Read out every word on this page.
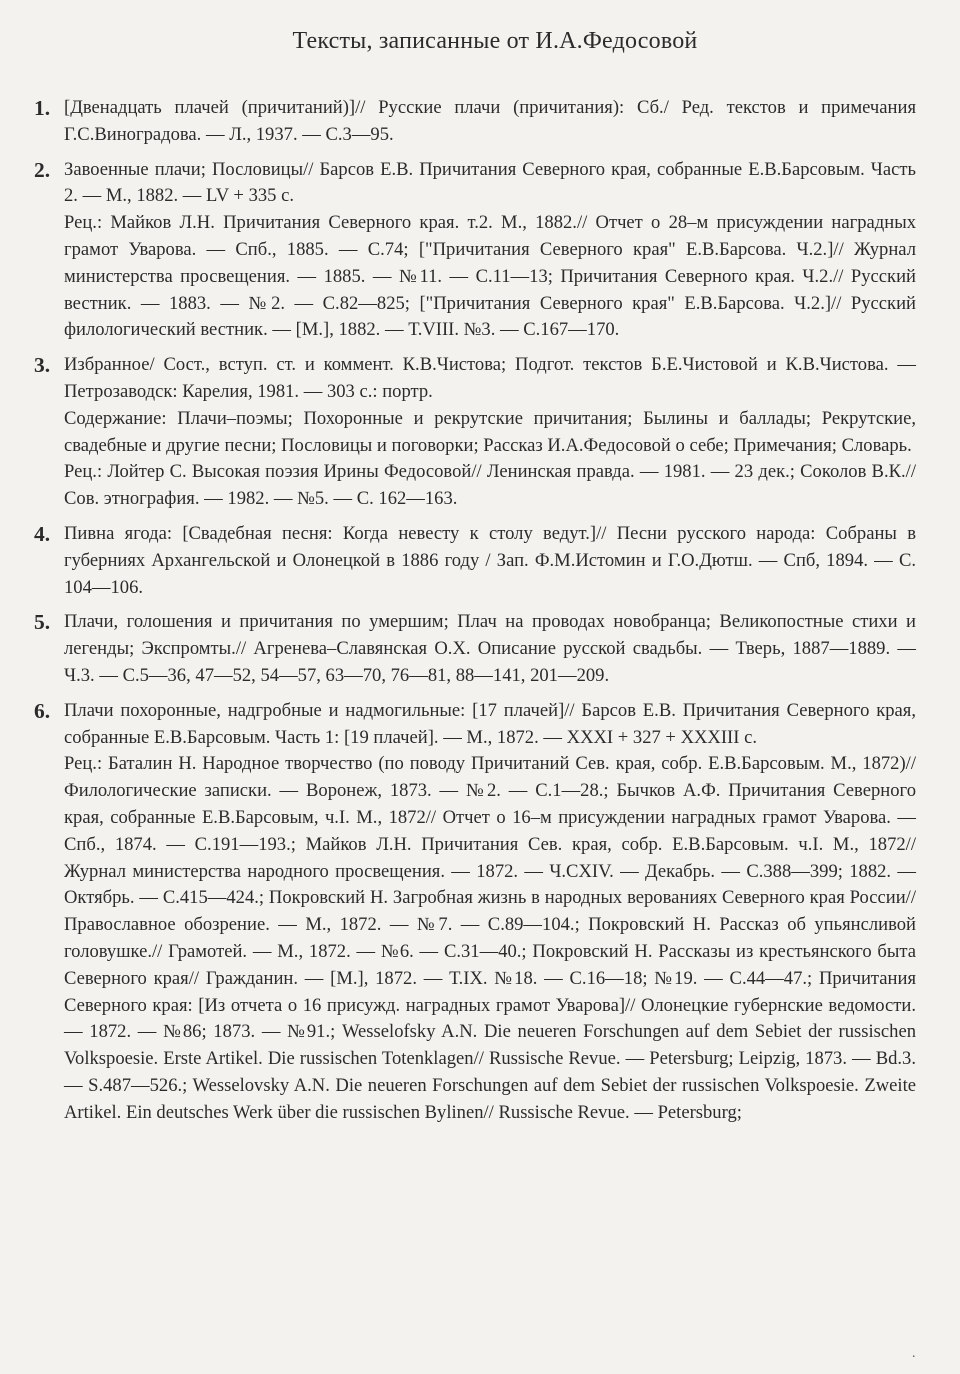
Тексты, записанные от И.А.Федосовой
1. [Двенадцать плачей (причитаний)]// Русские плачи (причитания): Сб./ Ред. текстов и примечания Г.С.Виноградова. — Л., 1937. — С.3—95.

2. Завоенные плачи; Пословицы// Барсов Е.В. Причитания Северного края, собранные Е.В.Барсовым. Часть 2. — М., 1882. — LV + 335 с.

Рец.: Майков Л.Н. Причитания Северного края. т.2. М., 1882.// Отчет о 28–м присуждении наградных грамот Уварова. — Спб., 1885. — С.74; ["Причитания Северного края" Е.В.Барсова. Ч.2.]// Журнал министерства просвещения. — 1885. — №11. — С.11—13; Причитания Северного края. Ч.2.// Русский вестник. — 1883. — №2. — С.82—825; ["Причитания Северного края" Е.В.Барсова. Ч.2.]// Русский филологический вестник. — [М.], 1882. — Т.VIII. №3. — С.167—170.

3. Избранное/ Сост., вступ. ст. и коммент. К.В.Чистова; Подгот. текстов Б.Е.Чистовой и К.В.Чистова. — Петрозаводск: Карелия, 1981. — 303 с.: портр.

Содержание: Плачи–поэмы; Похоронные и рекрутские причитания; Былины и баллады; Рекрутские, свадебные и другие песни; Пословицы и поговорки; Рассказ И.А.Федосовой о себе; Примечания; Словарь.

Рец.: Лойтер С. Высокая поэзия Ирины Федосовой// Ленинская правда. — 1981. — 23 дек.; Соколов В.К.// Сов. этнография. — 1982. — №5. — С. 162—163.

4. Пивна ягода: [Свадебная песня: Когда невесту к столу ведут.]// Песни русского народа: Собраны в губерниях Архангельской и Олонецкой в 1886 году / Зап. Ф.М.Истомин и Г.О.Дютш. — Спб, 1894. — С. 104—106.

5. Плачи, голошения и причитания по умершим; Плач на проводах новобранца; Великопостные стихи и легенды; Экспромты.// Агренева–Славянская О.Х. Описание русской свадьбы. — Тверь, 1887—1889. — Ч.3. — С.5—36, 47—52, 54—57, 63—70, 76—81, 88—141, 201—209.

6. Плачи похоронные, надгробные и надмогильные: [17 плачей]// Барсов Е.В. Причитания Северного края, собранные Е.В.Барсовым. Часть 1: [19 плачей]. — М., 1872. — XXXI + 327 + XXXIII с.

Рец.: Баталин Н. Народное творчество (по поводу Причитаний Сев. края, собр. Е.В.Барсовым. М., 1872)// Филологические записки. — Воронеж, 1873. — №2. — С.1—28.; Бычков А.Ф. Причитания Северного края, собранные Е.В.Барсовым, ч.I. М., 1872// Отчет о 16–м присуждении наградных грамот Уварова. — Спб., 1874. — С.191—193.; Майков Л.Н. Причитания Сев. края, собр. Е.В.Барсовым. ч.I. М., 1872// Журнал министерства народного просвещения. — 1872. — Ч.CXIV. — Декабрь. — С.388—399; 1882. — Октябрь. — С.415—424.; Покровский Н. Загробная жизнь в народных верованиях Северного края России// Православное обозрение. — М., 1872. — №7. — С.89—104.; Покровский Н. Рассказ об упьянсливой головушке.// Грамотей. — М., 1872. — №6. — С.31—40.; Покровский Н. Рассказы из крестьянского быта Северного края// Гражданин. — [М.], 1872. — Т.IX. №18. — С.16—18; №19. — С.44—47.; Причитания Северного края: [Из отчета о 16 присужд. наградных грамот Уварова]// Олонецкие губернские ведомости. — 1872. — №86; 1873. — №91.; Wesselofsky A.N. Die neueren Forschungen auf dem Sebiet der russischen Volkspoesie. Erste Artikel. Die russischen Totenklagen// Russische Revue. — Petersburg; Leipzig, 1873. — Bd.3. — S.487—526.; Wesselovsky A.N. Die neueren Forschungen auf dem Sebiet der russischen Volkspoesie. Zweite Artikel. Ein deutsches Werk über die russischen Bylinen// Russische Revue. — Petersburg;

·
